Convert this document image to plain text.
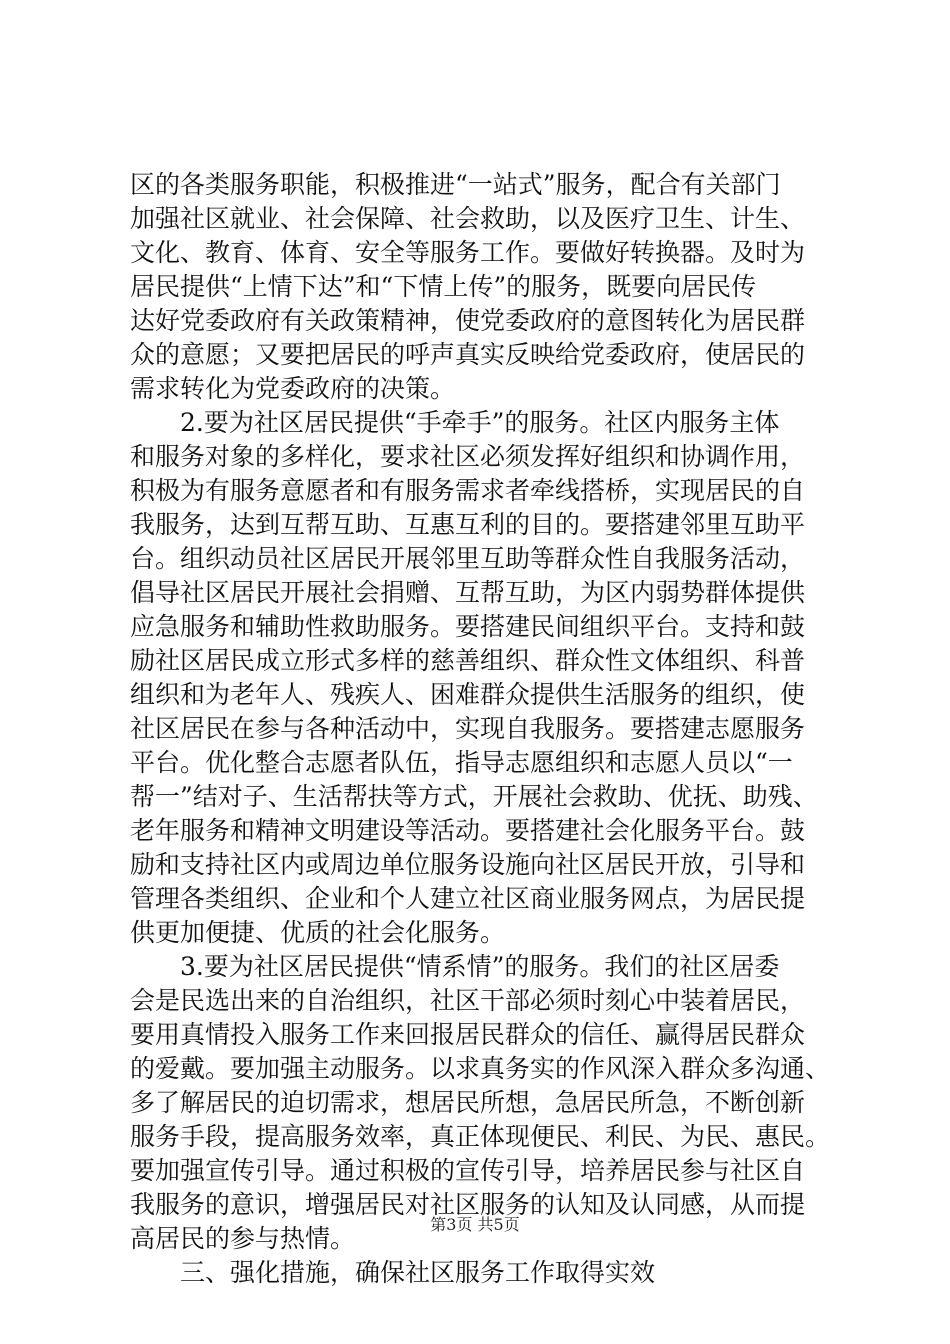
区的各类服务职能，积极推进“一站式”服务，配合有关部门
加强社区就业、社会保障、社会救助，以及医疗卫生、计生、
文化、教育、体育、安全等服务工作。要做好转换器。及时为
居民提供“上情下达”和“下情上传”的服务，既要向居民传
达好党委政府有关政策精神，使党委政府的意图转化为居民群
众的意愿；又要把居民的呼声真实反映给党委政府，使居民的
需求转化为党委政府的决策。
2.要为社区居民提供“手牵手”的服务。社区内服务主体
和服务对象的多样化，要求社区必须发挥好组织和协调作用，
积极为有服务意愿者和有服务需求者牵线搭桥，实现居民的自
我服务，达到互帮互助、互惠互利的目的。要搭建邻里互助平
台。组织动员社区居民开展邻里互助等群众性自我服务活动，
倡导社区居民开展社会捐赠、互帮互助，为区内弱势群体提供
应急服务和辅助性救助服务。要搭建民间组织平台。支持和鼓
励社区居民成立形式多样的慈善组织、群众性文体组织、科普
组织和为老年人、残疾人、困难群众提供生活服务的组织，使
社区居民在参与各种活动中，实现自我服务。要搭建志愿服务
平台。优化整合志愿者队伍，指导志愿组织和志愿人员以“一
帮一”结对子、生活帮扶等方式，开展社会救助、优抚、助残、
老年服务和精神文明建设等活动。要搭建社会化服务平台。鼓
励和支持社区内或周边单位服务设施向社区居民开放，引导和
管理各类组织、企业和个人建立社区商业服务网点，为居民提
供更加便捷、优质的社会化服务。
3.要为社区居民提供“情系情”的服务。我们的社区居委
会是民选出来的自治组织，社区干部必须时刻心中装着居民，
要用真情投入服务工作来回报居民群众的信任、赢得居民群众
的爱戴。要加强主动服务。以求真务实的作风深入群众多沟通、
多了解居民的迫切需求，想居民所想，急居民所急，不断创新
服务手段，提高服务效率，真正体现便民、利民、为民、惠民。
要加强宣传引导。通过积极的宣传引导，培养居民参与社区自
我服务的意识，增强居民对社区服务的认知及认同感，从而提
高居民的参与热情。
三、强化措施，确保社区服务工作取得实效
第3页 共5页
